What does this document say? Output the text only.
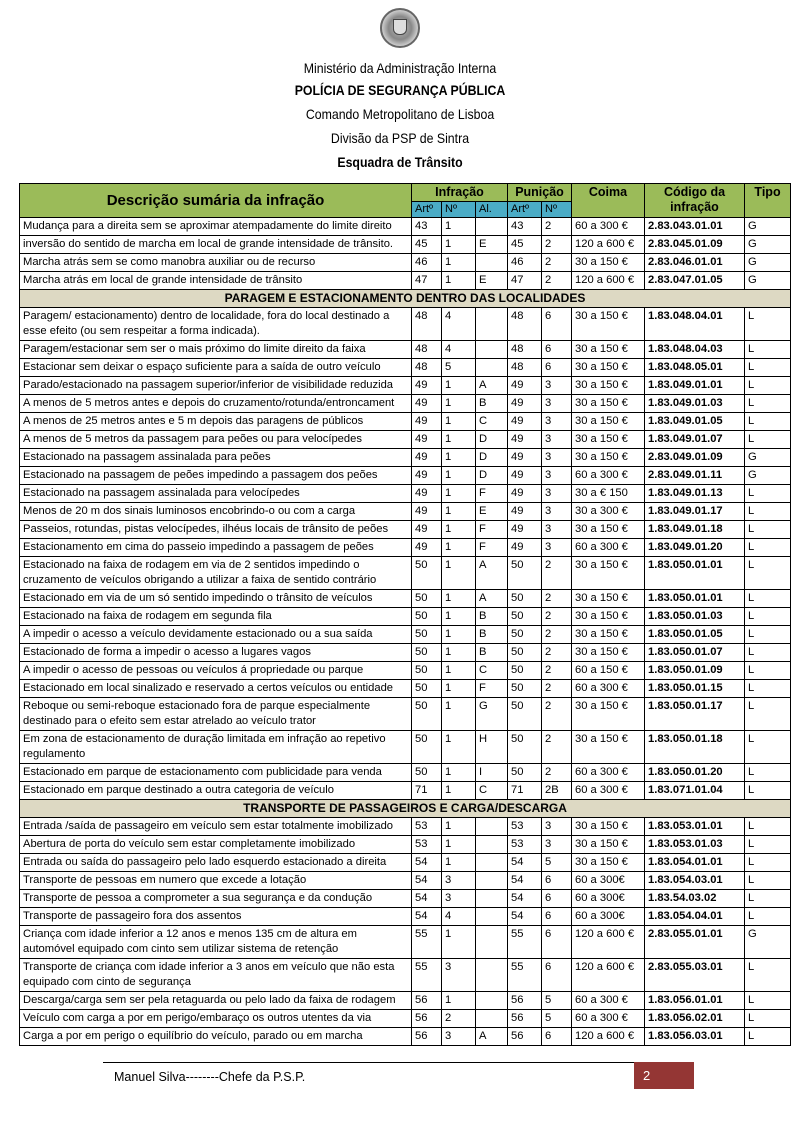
Ministério da Administração Interna
POLÍCIA DE SEGURANÇA PÚBLICA
Comando Metropolitano de Lisboa
Divisão da PSP de Sintra
Esquadra de Trânsito
Descrição sumária da infração	Infração			Punição		Coima	Código da infração	Tipo
	Artº	Nº	Al.	Artº	Nº			
Mudança para a direita sem se aproximar atempadamente do limite direito	43	1		43	2	60 a 300 €	2.83.043.01.01	G
inversão do sentido de marcha em local de grande intensidade de trânsito.	45	1	E	45	2	120 a 600 €	2.83.045.01.09	G
Marcha atrás sem se como manobra auxiliar ou de recurso	46	1		46	2	30 a 150 €	2.83.046.01.01	G
Marcha atrás em local de grande intensidade de trânsito	47	1	E	47	2	120 a 600 €	2.83.047.01.05	G
PARAGEM E ESTACIONAMENTO DENTRO DAS LOCALIDADES								
Paragem/ estacionamento) dentro de localidade, fora do local destinado a esse efeito (ou sem respeitar a forma indicada).	48	4		48	6	30 a 150 €	1.83.048.04.01	L
Paragem/estacionar sem ser o mais próximo do limite direito da faixa	48	4		48	6	30 a 150 €	1.83.048.04.03	L
Estacionar sem deixar o espaço suficiente para a saída de outro veículo	48	5		48	6	30 a 150 €	1.83.048.05.01	L
Parado/estacionado na passagem superior/inferior de visibilidade reduzida	49	1	A	49	3	30 a 150 €	1.83.049.01.01	L
A menos de 5 metros antes e depois do cruzamento/rotunda/entroncament	49	1	B	49	3	30 a 150 €	1.83.049.01.03	L
A menos de 25 metros antes e 5 m depois das paragens de públicos	49	1	C	49	3	30 a 150 €	1.83.049.01.05	L
A menos de 5 metros da passagem para peões ou para velocípedes	49	1	D	49	3	30 a 150 €	1.83.049.01.07	L
Estacionado na passagem assinalada para peões	49	1	D	49	3	30 a 150 €	2.83.049.01.09	G
Estacionado na passagem de peões impedindo a passagem dos peões	49	1	D	49	3	60 a 300 €	2.83.049.01.11	G
Estacionado na passagem assinalada para velocípedes	49	1	F	49	3	30 a € 150	1.83.049.01.13	L
Menos de 20 m dos sinais luminosos encobrindo-o ou com a carga	49	1	E	49	3	30 a 300 €	1.83.049.01.17	L
Passeios, rotundas, pistas velocípedes, ilhéus locais de trânsito de peões	49	1	F	49	3	30 a 150 €	1.83.049.01.18	L
Estacionamento em cima do passeio impedindo a passagem de peões	49	1	F	49	3	60 a 300 €	1.83.049.01.20	L
Estacionado na faixa de rodagem em via de 2 sentidos impedindo o cruzamento de veículos obrigando a utilizar a faixa de sentido contrário	50	1	A	50	2	30 a 150 €	1.83.050.01.01	L
Estacionado em via de um só sentido impedindo o trânsito de veículos	50	1	A	50	2	30 a 150 €	1.83.050.01.01	L
Estacionado na faixa de rodagem em segunda fila	50	1	B	50	2	30 a 150 €	1.83.050.01.03	L
A impedir o acesso a veículo devidamente estacionado ou a sua saída	50	1	B	50	2	30 a 150 €	1.83.050.01.05	L
Estacionado de forma a impedir o acesso a lugares vagos	50	1	B	50	2	30 a 150 €	1.83.050.01.07	L
A impedir o acesso de pessoas ou veículos á propriedade ou parque	50	1	C	50	2	60 a 150 €	1.83.050.01.09	L
Estacionado em local sinalizado e reservado a certos veículos ou entidade	50	1	F	50	2	60 a 300 €	1.83.050.01.15	L
Reboque ou semi-reboque estacionado fora de parque especialmente destinado para o efeito sem estar atrelado ao veículo trator	50	1	G	50	2	30 a 150 €	1.83.050.01.17	L
Em zona de estacionamento de duração limitada em infração ao repetivo regulamento	50	1	H	50	2	30 a 150 €	1.83.050.01.18	L
Estacionado em parque de estacionamento com publicidade para venda	50	1	I	50	2	60 a 300 €	1.83.050.01.20	L
Estacionado em parque destinado a outra categoria de veículo	71	1	C	71	2B	60 a 300 €	1.83.071.01.04	L
TRANSPORTE DE PASSAGEIROS E CARGA/DESCARGA								
Entrada /saída de passageiro em veículo sem estar totalmente imobilizado	53	1		53	3	30 a 150 €	1.83.053.01.01	L
Abertura de porta do veículo sem estar completamente imobilizado	53	1		53	3	30 a 150 €	1.83.053.01.03	L
Entrada ou saída do passageiro pelo lado esquerdo estacionado a direita	54	1		54	5	30 a 150 €	1.83.054.01.01	L
Transporte de pessoas em numero que excede a lotação	54	3		54	6	60 a 300€	1.83.054.03.01	L
Transporte de pessoa a comprometer a sua segurança e da condução	54	3		54	6	60 a 300€	1.83.54.03.02	L
Transporte de passageiro fora dos assentos	54	4		54	6	60 a 300€	1.83.054.04.01	L
Criança com idade inferior a 12 anos e menos 135 cm de altura em automóvel equipado com cinto sem utilizar sistema de retenção	55	1		55	6	120 a 600 €	2.83.055.01.01	G
Transporte de criança com idade inferior a 3 anos em veículo que não esta equipado com cinto de segurança	55	3		55	6	120 a 600 €	2.83.055.03.01	L
Descarga/carga sem ser pela retaguarda ou pelo lado da faixa de rodagem	56	1		56	5	60 a 300 €	1.83.056.01.01	L
Veículo com carga a por em perigo/embaraço os outros utentes da via	56	2		56	5	60 a 300 €	1.83.056.02.01	L
Carga a por em perigo o equilíbrio do veículo, parado ou em marcha	56	3	A	56	6	120 a 600 €	1.83.056.03.01	L
Manuel Silva--------Chefe da P.S.P.	2
